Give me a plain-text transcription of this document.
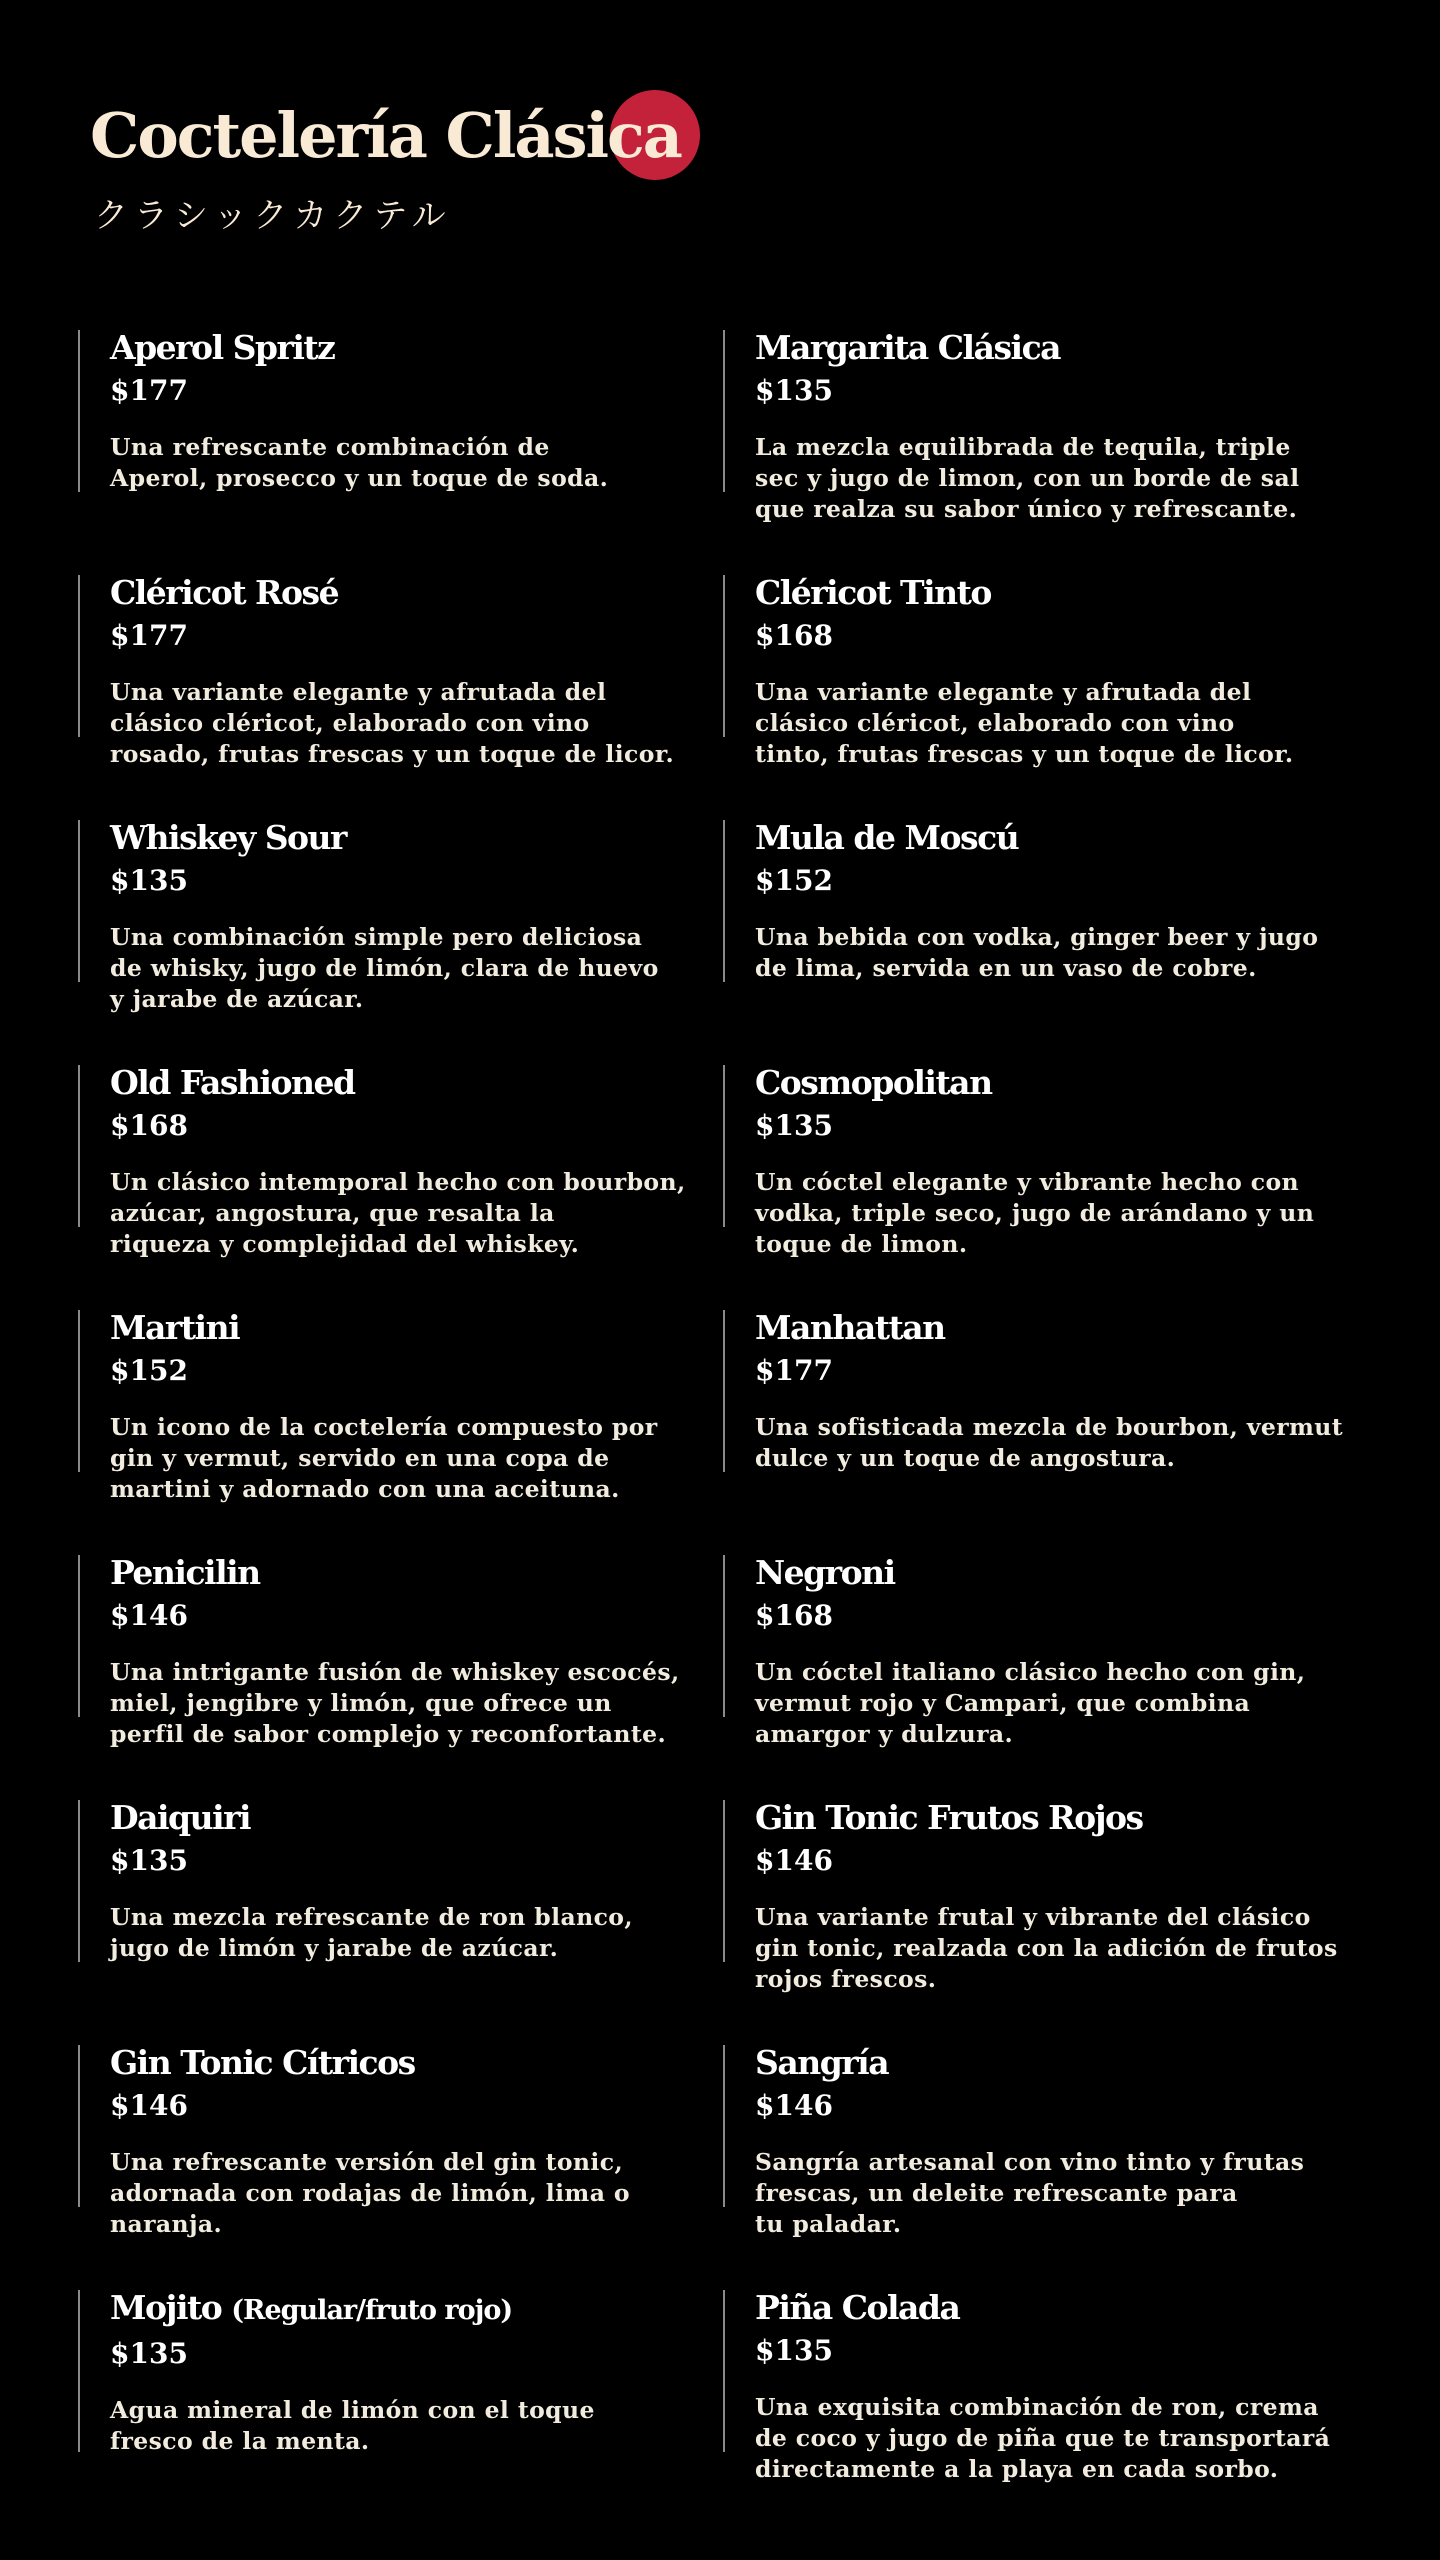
Coctelería Clásica
クラシックカクテル
Aperol Spritz
$177
Una refrescante combinación de
Aperol, prosecco y un toque de soda.
Margarita Clásica
$135
La mezcla equilibrada de tequila, triple
sec y jugo de limon, con un borde de sal
que realza su sabor único y refrescante.
Cléricot Rosé
$177
Una variante elegante y afrutada del
clásico cléricot, elaborado con vino
rosado, frutas frescas y un toque de licor.
Cléricot Tinto
$168
Una variante elegante y afrutada del
clásico cléricot, elaborado con vino
tinto, frutas frescas y un toque de licor.
Whiskey Sour
$135
Una combinación simple pero deliciosa
de whisky, jugo de limón, clara de huevo
y jarabe de azúcar.
Mula de Moscú
$152
Una bebida con vodka, ginger beer y jugo
de lima, servida en un vaso de cobre.
Old Fashioned
$168
Un clásico intemporal hecho con bourbon,
azúcar, angostura, que resalta la
riqueza y complejidad del whiskey.
Cosmopolitan
$135
Un cóctel elegante y vibrante hecho con
vodka, triple seco, jugo de arándano y un
toque de limon.
Martini
$152
Un icono de la coctelería compuesto por
gin y vermut, servido en una copa de
martini y adornado con una aceituna.
Manhattan
$177
Una sofisticada mezcla de bourbon, vermut
dulce y un toque de angostura.
Penicilin
$146
Una intrigante fusión de whiskey escocés,
miel, jengibre y limón, que ofrece un
perfil de sabor complejo y reconfortante.
Negroni
$168
Un cóctel italiano clásico hecho con gin,
vermut rojo y Campari, que combina
amargor y dulzura.
Daiquiri
$135
Una mezcla refrescante de ron blanco,
jugo de limón y jarabe de azúcar.
Gin Tonic Frutos Rojos
$146
Una variante frutal y vibrante del clásico
gin tonic, realzada con la adición de frutos
rojos frescos.
Gin Tonic Cítricos
$146
Una refrescante versión del gin tonic,
adornada con rodajas de limón, lima o
naranja.
Sangría
$146
Sangría artesanal con vino tinto y frutas
frescas, un deleite refrescante para
tu paladar.
Mojito (Regular/fruto rojo)
$135
Agua mineral de limón con el toque
fresco de la menta.
Piña Colada
$135
Una exquisita combinación de ron, crema
de coco y jugo de piña que te transportará
directamente a la playa en cada sorbo.
